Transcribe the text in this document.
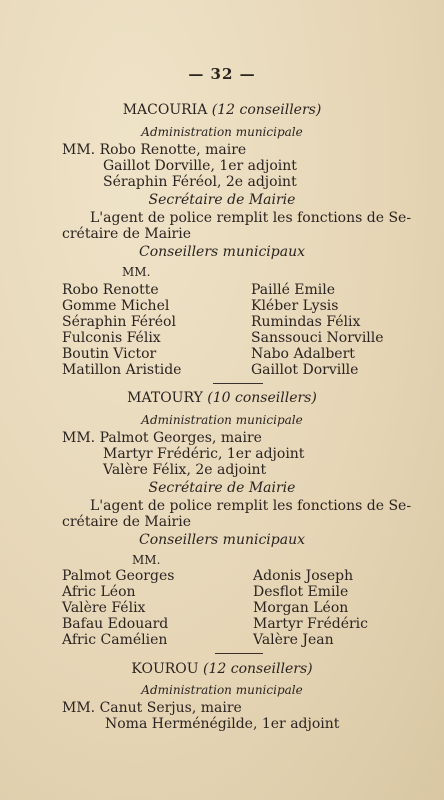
— 32 —
MACOURIA (12 conseillers)
Administration municipale
MM. Robo Renotte, maire
Gaillot Dorville, 1er adjoint
Séraphin Féréol, 2e adjoint
Secrétaire de Mairie
L'agent de police remplit les fonctions de Se-
crétaire de Mairie
Conseillers municipaux
MM.
Robo Renotte
Gomme Michel
Séraphin Féréol
Fulconis Félix
Boutin Victor
Matillon Aristide
Paillé Emile
Kléber Lysis
Rumindas Félix
Sanssouci Norville
Nabo Adalbert
Gaillot Dorville
MATOURY (10 conseillers)
Administration municipale
MM. Palmot Georges, maire
Martyr Frédéric, 1er adjoint
Valère Félix, 2e adjoint
Secrétaire de Mairie
L'agent de police remplit les fonctions de Se-
crétaire de Mairie
Conseillers municipaux
MM.
Palmot Georges
Afric Léon
Valère Félix
Bafau Edouard
Afric Camélien
Adonis Joseph
Desflot Emile
Morgan Léon
Martyr Frédéric
Valère Jean
KOUROU (12 conseillers)
Administration municipale
MM. Canut Serjus, maire
Noma Herménégilde, 1er adjoint
